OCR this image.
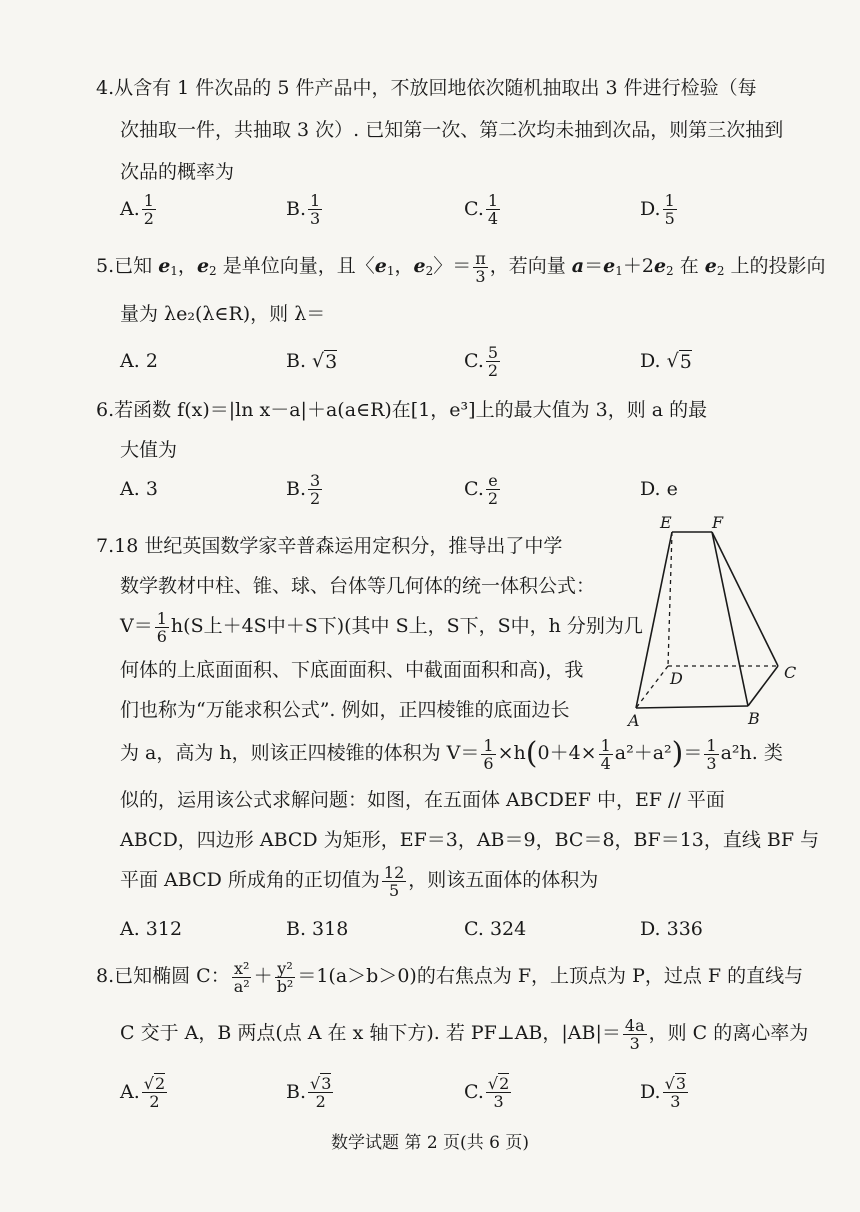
4.从含有 1 件次品的 5 件产品中，不放回地依次随机抽取出 3 件进行检验（每
次抽取一件，共抽取 3 次）. 已知第一次、第二次均未抽到次品，则第三次抽到
次品的概率为
A. $\frac{1}{2}$	B. $\frac{1}{3}$	C. $\frac{1}{4}$	D. $\frac{1}{5}$
5.已知 $e_1$，$e_2$ 是单位向量，且〈$e_1$，$e_2$〉＝ $\frac{\pi}{3}$ ，若向量 $a=e_1+2e_2$ 在 $e_2$ 上的投影向
量为 λe₂(λ∈R)，则 λ＝
A.
2	B. √ 3	C. $\frac{5}{2}$	D. √ 5
6.若函数 f(x)＝|ln x－a|＋a(a∈R)在[1，e³]上的最大值为 3，则 a 的最
大值为
A.
3	B. $\frac{3}{2}$	C. $\frac{e}{2}$	D.
e
7.18 世纪英国数学家辛普森运用定积分，推导出了中学
数学教材中柱、锥、球、台体等几何体的统一体积公式：
$V= \frac{1}{6} h(S$上＋4S中＋S下)(其中 S上，S下，S中，h 分别为几
何体的上底面面积、下底面面积、中截面面积和高)，我
们也称为“万能求积公式”. 例如，正四棱锥的底面边长
为 a，高为 h，则该正四棱锥的体积为 $V= \frac{1}{6} \times h(0+4\times \frac{1}{4} a^2+a^2)= \frac{1}{3} a^2h$. 类
似的，运用该公式求解问题：如图，在五面体 ABCDEF 中，EF // 平面
ABCD，四边形 ABCD 为矩形，EF＝3，AB＝9，BC＝8，BF＝13，直线 BF 与
平面 ABCD 所成角的正切值为 $\frac{12}{5}$ ，则该五面体的体积为
A. 312	B. 318	C. 324	D. 336
E	F
D	C
A	B
8.已知椭圆 C： $\frac{\text{x²}}{\text{a²}} + \frac{\text{y²}}{\text{b²}} =1(a>b>0)$的右焦点为 F，上顶点为 P，过点 F 的直线与
C 交于 A，B 两点(点 A 在 x 轴下方). 若 PF⊥AB，$|AB|= \frac{4a}{3}$ ，则 C 的离心率为
A. $\frac{√2}{2}$	B. $\frac{√3}{2}$	C. $\frac{√2}{3}$	D. $\frac{√3}{3}$
数学试题 第 2 页(共 6 页)
